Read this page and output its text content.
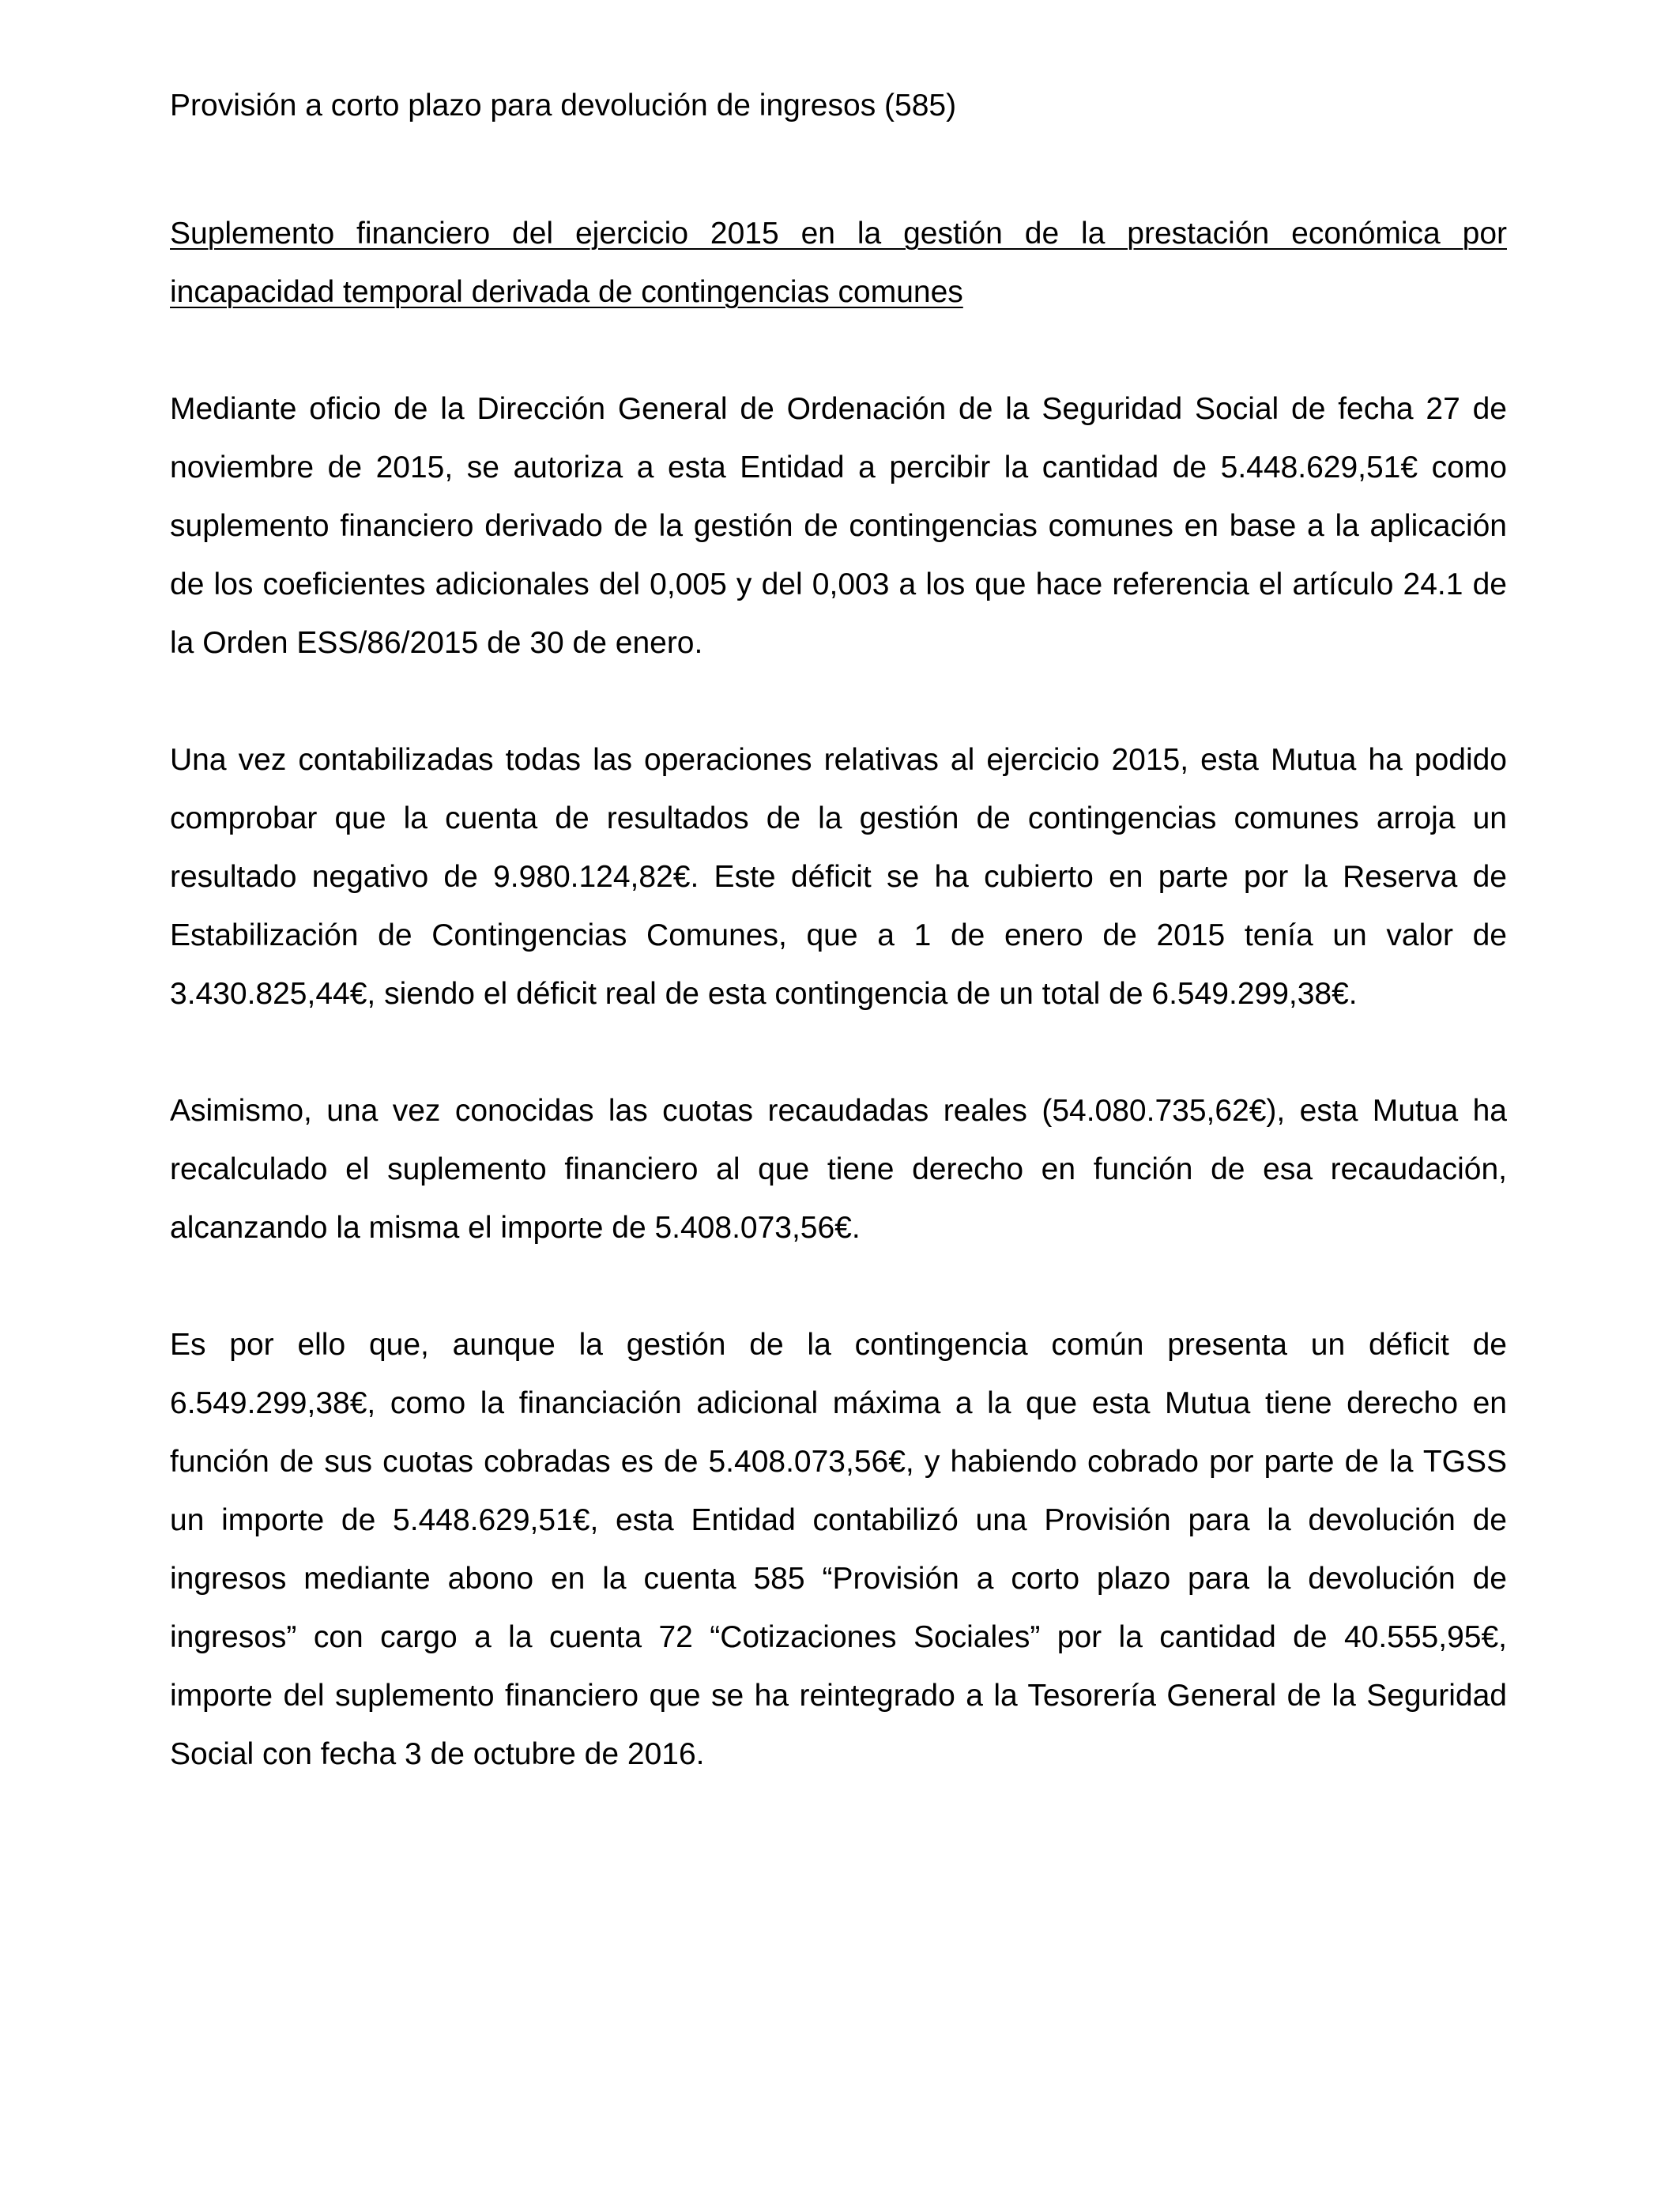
Provisión a corto plazo para devolución de ingresos (585)
Suplemento financiero del ejercicio 2015 en la gestión de la prestación económica por incapacidad temporal derivada de contingencias comunes

Mediante oficio de la Dirección General de Ordenación de la Seguridad Social de fecha 27 de noviembre de 2015, se autoriza a esta Entidad a percibir la cantidad de 5.448.629,51€ como suplemento financiero derivado de la gestión de contingencias comunes en base a la aplicación de los coeficientes adicionales del 0,005 y del 0,003 a los que hace referencia el artículo 24.1 de la Orden ESS/86/2015 de 30 de enero.

Una vez contabilizadas todas las operaciones relativas al ejercicio 2015, esta Mutua ha podido comprobar que la cuenta de resultados de la gestión de contingencias comunes arroja un resultado negativo de 9.980.124,82€. Este déficit se ha cubierto en parte por la Reserva de Estabilización de Contingencias Comunes, que a 1 de enero de 2015 tenía un valor de 3.430.825,44€, siendo el déficit real de esta contingencia de un total de 6.549.299,38€.

Asimismo, una vez conocidas las cuotas recaudadas reales (54.080.735,62€), esta Mutua ha recalculado el suplemento financiero al que tiene derecho en función de esa recaudación, alcanzando la misma el importe de 5.408.073,56€.

Es por ello que, aunque la gestión de la contingencia común presenta un déficit de 6.549.299,38€, como la financiación adicional máxima a la que esta Mutua tiene derecho en función de sus cuotas cobradas es de 5.408.073,56€, y habiendo cobrado por parte de la TGSS un importe de 5.448.629,51€, esta Entidad contabilizó una Provisión para la devolución de ingresos mediante abono en la cuenta 585 “Provisión a corto plazo para la devolución de ingresos” con cargo a la cuenta 72 “Cotizaciones Sociales” por la cantidad de 40.555,95€, importe del suplemento financiero que se ha reintegrado a la Tesorería General de la Seguridad Social con fecha 3 de octubre de 2016.
